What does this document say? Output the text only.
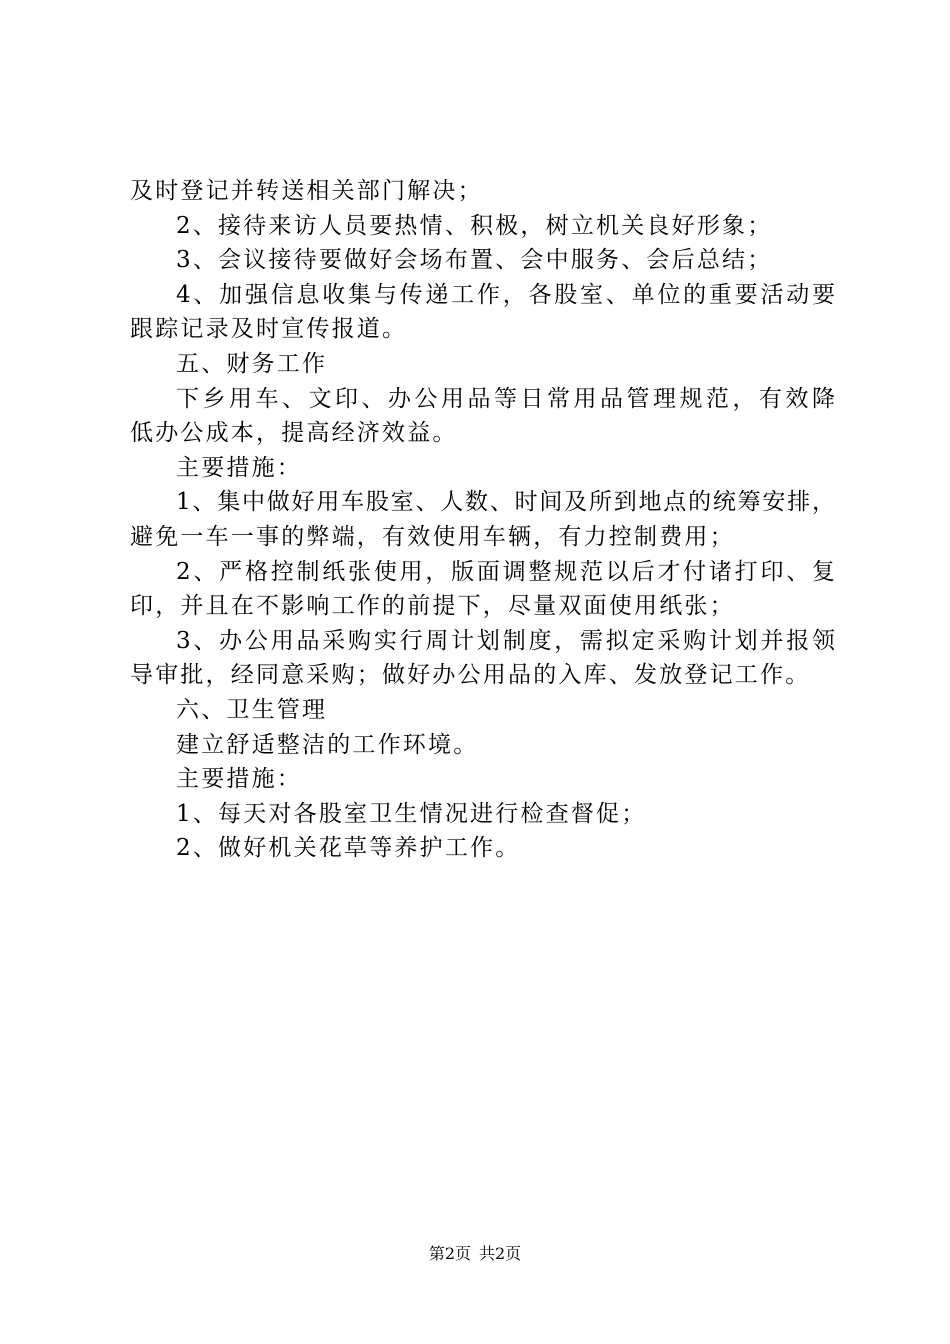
及时登记并转送相关部门解决；
2、接待来访人员要热情、积极，树立机关良好形象；
3、会议接待要做好会场布置、会中服务、会后总结；
4、加强信息收集与传递工作，各股室、单位的重要活动要
跟踪记录及时宣传报道。
五、财务工作
下乡用车、文印、办公用品等日常用品管理规范，有效降
低办公成本，提高经济效益。
主要措施：
1、集中做好用车股室、人数、时间及所到地点的统筹安排，
避免一车一事的弊端，有效使用车辆，有力控制费用；
2、严格控制纸张使用，版面调整规范以后才付诸打印、复
印，并且在不影响工作的前提下，尽量双面使用纸张；
3、办公用品采购实行周计划制度，需拟定采购计划并报领
导审批，经同意采购；做好办公用品的入库、发放登记工作。
六、卫生管理
建立舒适整洁的工作环境。
主要措施：
1、每天对各股室卫生情况进行检查督促；
2、做好机关花草等养护工作。
第2页 共2页
